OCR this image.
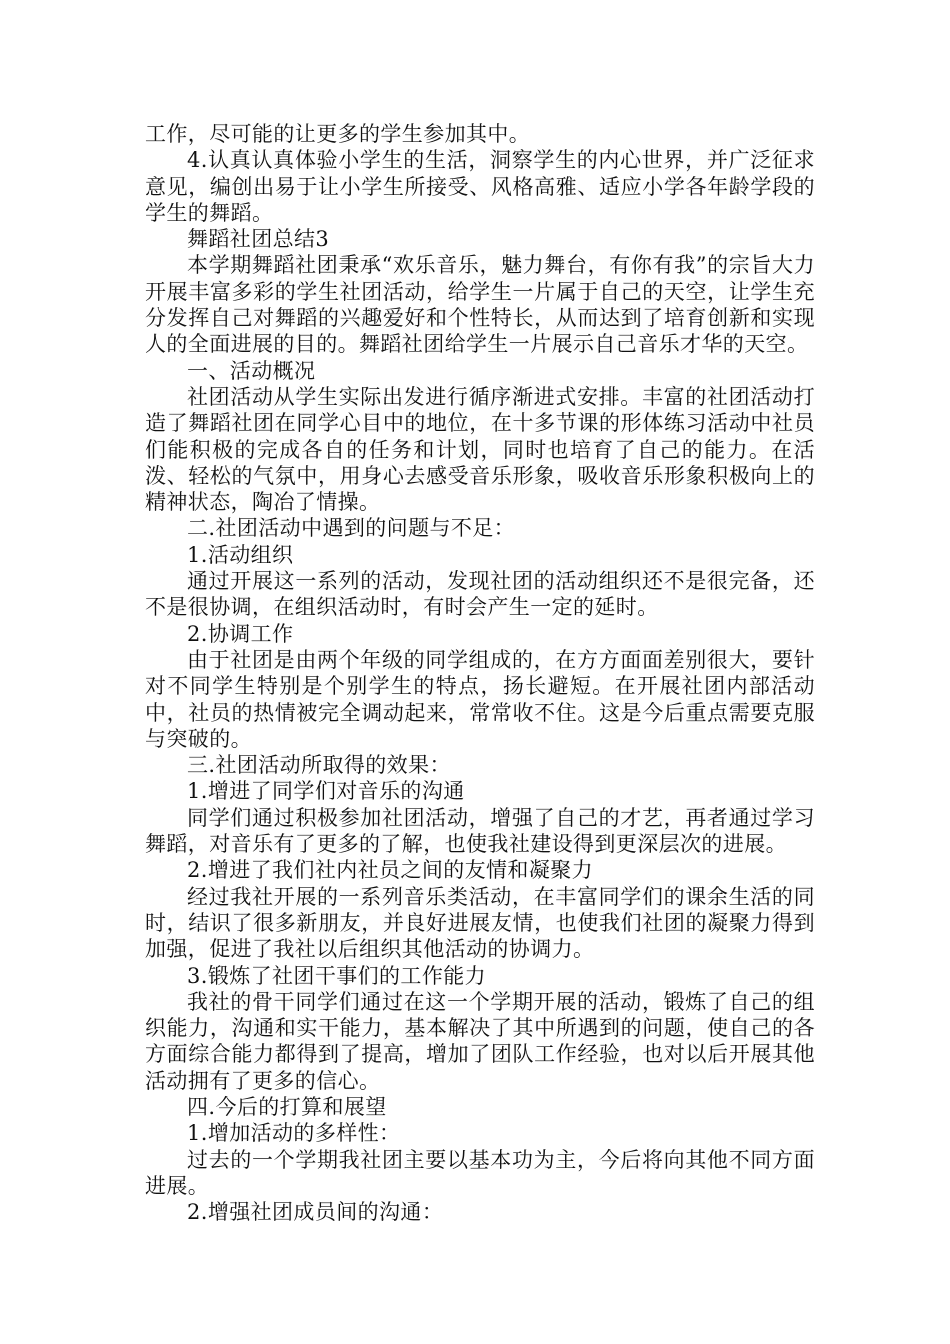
工作，尽可能的让更多的学生参加其中。

4.认真认真体验小学生的生活，洞察学生的内心世界，并广泛征求意见，编创出易于让小学生所接受、风格高雅、适应小学各年龄学段的学生的舞蹈。

舞蹈社团总结3

本学期舞蹈社团秉承“欢乐音乐，魅力舞台，有你有我”的宗旨大力开展丰富多彩的学生社团活动，给学生一片属于自己的天空，让学生充分发挥自己对舞蹈的兴趣爱好和个性特长，从而达到了培育创新和实现人的全面进展的目的。舞蹈社团给学生一片展示自己音乐才华的天空。

一、活动概况

社团活动从学生实际出发进行循序渐进式安排。丰富的社团活动打造了舞蹈社团在同学心目中的地位，在十多节课的形体练习活动中社员们能积极的完成各自的任务和计划，同时也培育了自己的能力。在活泼、轻松的气氛中，用身心去感受音乐形象，吸收音乐形象积极向上的精神状态，陶冶了情操。

二.社团活动中遇到的问题与不足：

1.活动组织

通过开展这一系列的活动，发现社团的活动组织还不是很完备，还不是很协调，在组织活动时，有时会产生一定的延时。

2.协调工作

由于社团是由两个年级的同学组成的，在方方面面差别很大，要针对不同学生特别是个别学生的特点，扬长避短。在开展社团内部活动中，社员的热情被完全调动起来，常常收不住。这是今后重点需要克服与突破的。

三.社团活动所取得的效果：

1.增进了同学们对音乐的沟通

同学们通过积极参加社团活动，增强了自己的才艺，再者通过学习舞蹈，对音乐有了更多的了解，也使我社建设得到更深层次的进展。

2.增进了我们社内社员之间的友情和凝聚力

经过我社开展的一系列音乐类活动，在丰富同学们的课余生活的同时，结识了很多新朋友，并良好进展友情，也使我们社团的凝聚力得到加强，促进了我社以后组织其他活动的协调力。

3.锻炼了社团干事们的工作能力

我社的骨干同学们通过在这一个学期开展的活动，锻炼了自己的组织能力，沟通和实干能力，基本解决了其中所遇到的问题，使自己的各方面综合能力都得到了提高，增加了团队工作经验，也对以后开展其他活动拥有了更多的信心。

四.今后的打算和展望

1.增加活动的多样性：

过去的一个学期我社团主要以基本功为主，今后将向其他不同方面进展。

2.增强社团成员间的沟通：
